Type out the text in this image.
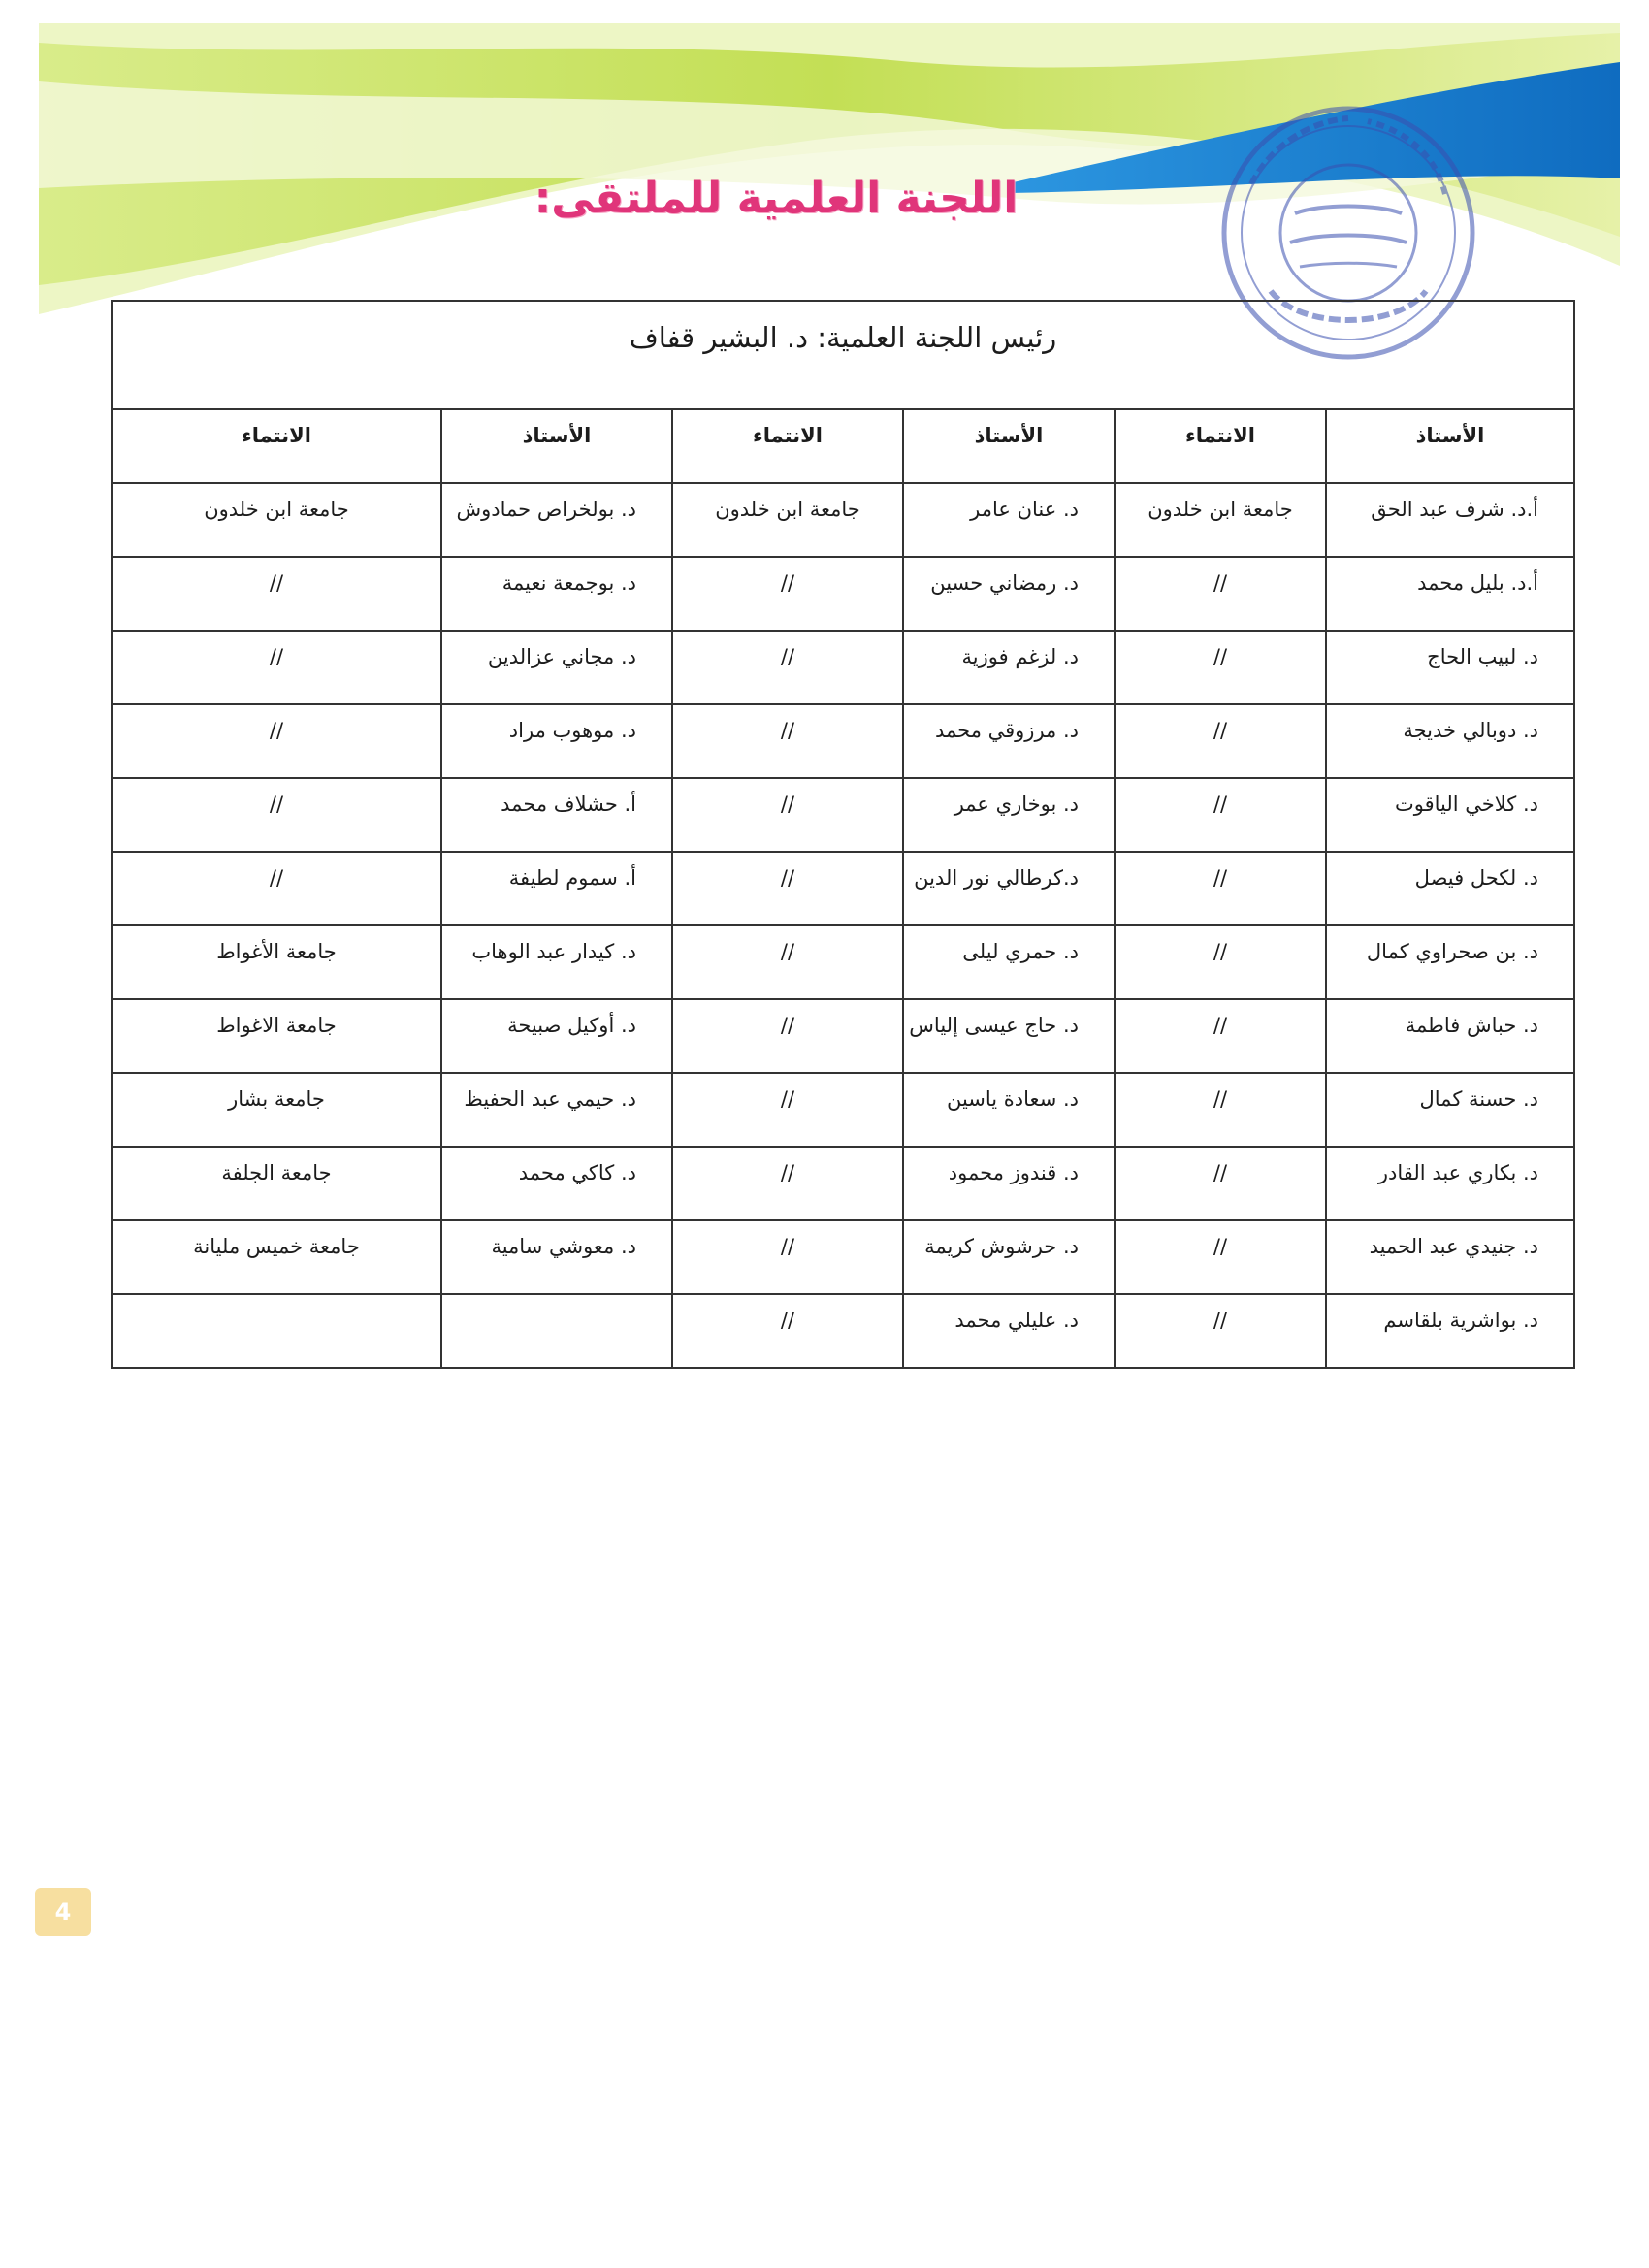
اللجنة العلمية للملتقى:
رئيس اللجنة العلمية: د. البشير قفاف					
الأستاذ	الانتماء	الأستاذ	الانتماء	الأستاذ	الانتماء
أ.د. شرف عبد الحق	جامعة ابن خلدون	د. عنان عامر	جامعة ابن خلدون	د. بولخراص حمادوش	جامعة ابن خلدون
أ.د. بليل محمد	//	د. رمضاني حسين	//	د. بوجمعة نعيمة	//
د. لبيب الحاج	//	د. لزغم فوزية	//	د. مجاني عزالدين	//
د. دوبالي خديجة	//	د. مرزوقي محمد	//	د. موهوب مراد	//
د. كلاخي الياقوت	//	د. بوخاري عمر	//	أ. حشلاف محمد	//
د. لكحل فيصل	//	د.كرطالي نور الدين	//	أ. سموم لطيفة	//
د. بن صحراوي كمال	//	د. حمري ليلى	//	د. كيدار عبد الوهاب	جامعة الأغواط
د. حباش فاطمة	//	د. حاج عيسى إلياس	//	د. أوكيل صبيحة	جامعة الاغواط
د. حسنة كمال	//	د. سعادة ياسين	//	د. حيمي عبد الحفيظ	جامعة بشار
د. بكاري عبد القادر	//	د. قندوز محمود	//	د. كاكي محمد	جامعة الجلفة
د. جنيدي عبد الحميد	//	د. حرشوش كريمة	//	د. معوشي سامية	جامعة خميس مليانة
د. بواشرية بلقاسم	//	د. عليلي محمد	//		
4
